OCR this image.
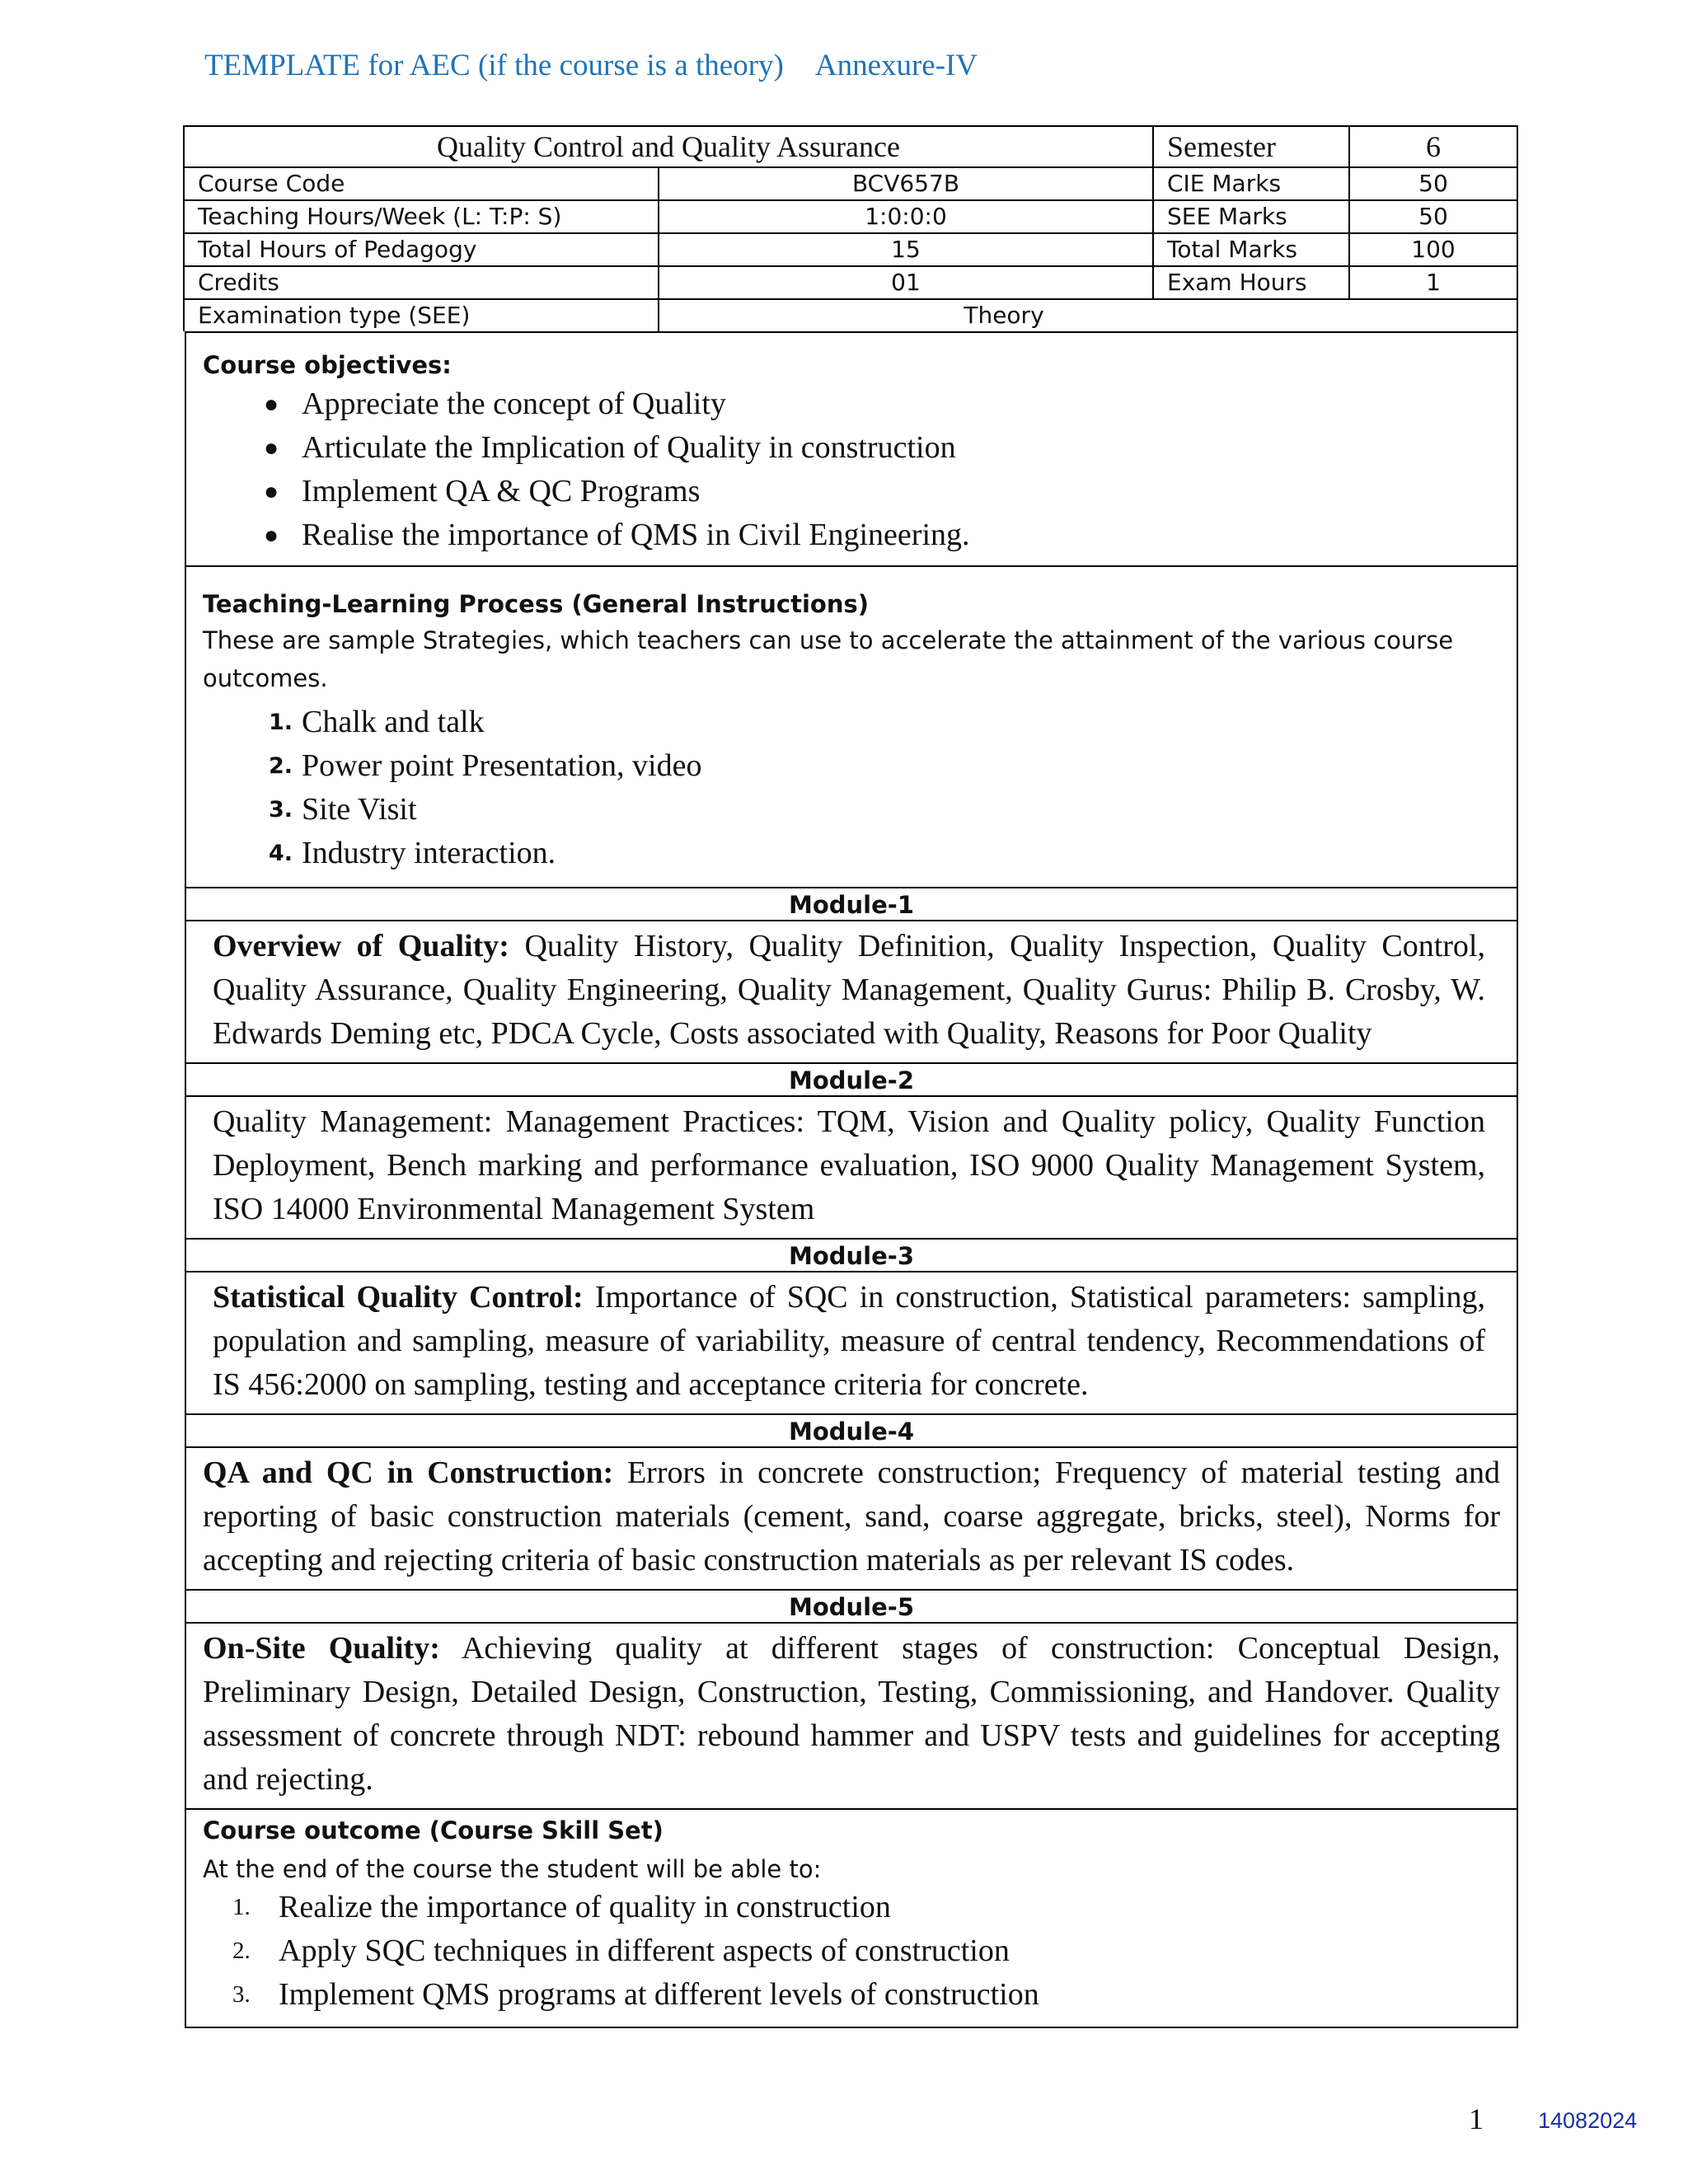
TEMPLATE for AEC (if the course is a theory) Annexure-IV
Quality Control and Quality Assurance		Semester	6
Course Code	BCV657B	CIE Marks	50
Teaching Hours/Week (L: T:P: S)	1:0:0:0	SEE Marks	50
Total Hours of Pedagogy	15	Total Marks	100
Credits	01	Exam Hours	1
Examination type (SEE)	Theory		
Course objectives:
● Appreciate the concept of Quality
● Articulate the Implication of Quality in construction
● Implement QA & QC Programs
● Realise the importance of QMS in Civil Engineering.
Teaching-Learning Process (General Instructions)
These are sample Strategies, which teachers can use to accelerate the attainment of the various course outcomes.
1. Chalk and talk
2. Power point Presentation, video
3. Site Visit
4. Industry interaction.
Module-1
Overview of Quality: Quality History, Quality Definition, Quality Inspection, Quality Control, Quality Assurance, Quality Engineering, Quality Management, Quality Gurus: Philip B. Crosby, W. Edwards Deming etc, PDCA Cycle, Costs associated with Quality, Reasons for Poor Quality
Module-2
Quality Management: Management Practices: TQM, Vision and Quality policy, Quality Function Deployment, Bench marking and performance evaluation, ISO 9000 Quality Management System, ISO 14000 Environmental Management System
Module-3
Statistical Quality Control: Importance of SQC in construction, Statistical parameters: sampling, population and sampling, measure of variability, measure of central tendency, Recommendations of IS 456:2000 on sampling, testing and acceptance criteria for concrete.
Module-4
QA and QC in Construction: Errors in concrete construction; Frequency of material testing and reporting of basic construction materials (cement, sand, coarse aggregate, bricks, steel), Norms for accepting and rejecting criteria of basic construction materials as per relevant IS codes.
Module-5
On-Site Quality: Achieving quality at different stages of construction: Conceptual Design, Preliminary Design, Detailed Design, Construction, Testing, Commissioning, and Handover. Quality assessment of concrete through NDT: rebound hammer and USPV tests and guidelines for accepting and rejecting.
Course outcome (Course Skill Set)
At the end of the course the student will be able to:
1. Realize the importance of quality in construction
2. Apply SQC techniques in different aspects of construction
3. Implement QMS programs at different levels of construction
1 14082024
